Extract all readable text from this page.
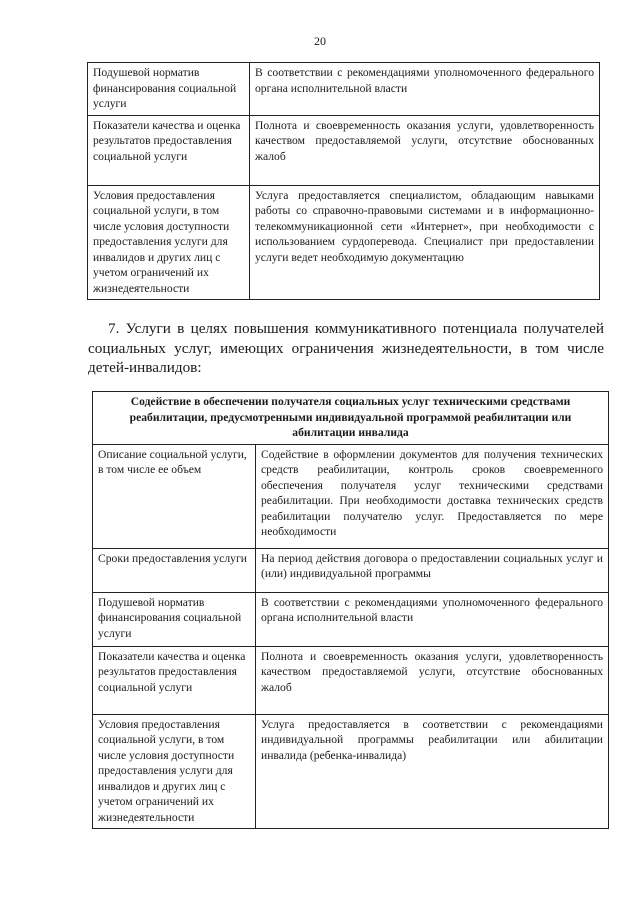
20
Подушевой норматив финансирования социальной услуги	В соответствии с рекомендациями уполномоченного федерального органа исполнительной власти
Показатели качества и оценка результатов предоставления социальной услуги	Полнота и своевременность оказания услуги, удовлетворенность качеством предоставляемой услуги, отсутствие обоснованных жалоб
Условия предоставления социальной услуги, в том числе условия доступности предоставления услуги для инвалидов и других лиц с учетом ограничений их жизнедеятельности	Услуга предоставляется специалистом, обладающим навыками работы со справочно-правовыми системами и в информационно-телекоммуникационной сети «Интернет», при необходимости с использованием сурдоперевода. Специалист при предоставлении услуги ведет необходимую документацию

7. Услуги в целях повышения коммуникативного потенциала получателей социальных услуг, имеющих ограничения жизнедеятельности, в том числе детей-инвалидов:

Содействие в обеспечении получателя социальных услуг техническими средствами реабилитации, предусмотренными индивидуальной программой реабилитации или абилитации инвалида	
Описание социальной услуги, в том числе ее объем	Содействие в оформлении документов для получения технических средств реабилитации, контроль сроков своевременного обеспечения получателя услуг техническими средствами реабилитации. При необходимости доставка технических средств реабилитации получателю услуг. Предоставляется по мере необходимости
Сроки предоставления услуги	На период действия договора о предоставлении социальных услуг и (или) индивидуальной программы
Подушевой норматив финансирования социальной услуги	В соответствии с рекомендациями уполномоченного федерального органа исполнительной власти
Показатели качества и оценка результатов предоставления социальной услуги	Полнота и своевременность оказания услуги, удовлетворенность качеством предоставляемой услуги, отсутствие обоснованных жалоб
Условия предоставления социальной услуги, в том числе условия доступности предоставления услуги для инвалидов и других лиц с учетом ограничений их жизнедеятельности	Услуга предоставляется в соответствии с рекомендациями индивидуальной программы реабилитации или абилитации инвалида (ребенка-инвалида)
